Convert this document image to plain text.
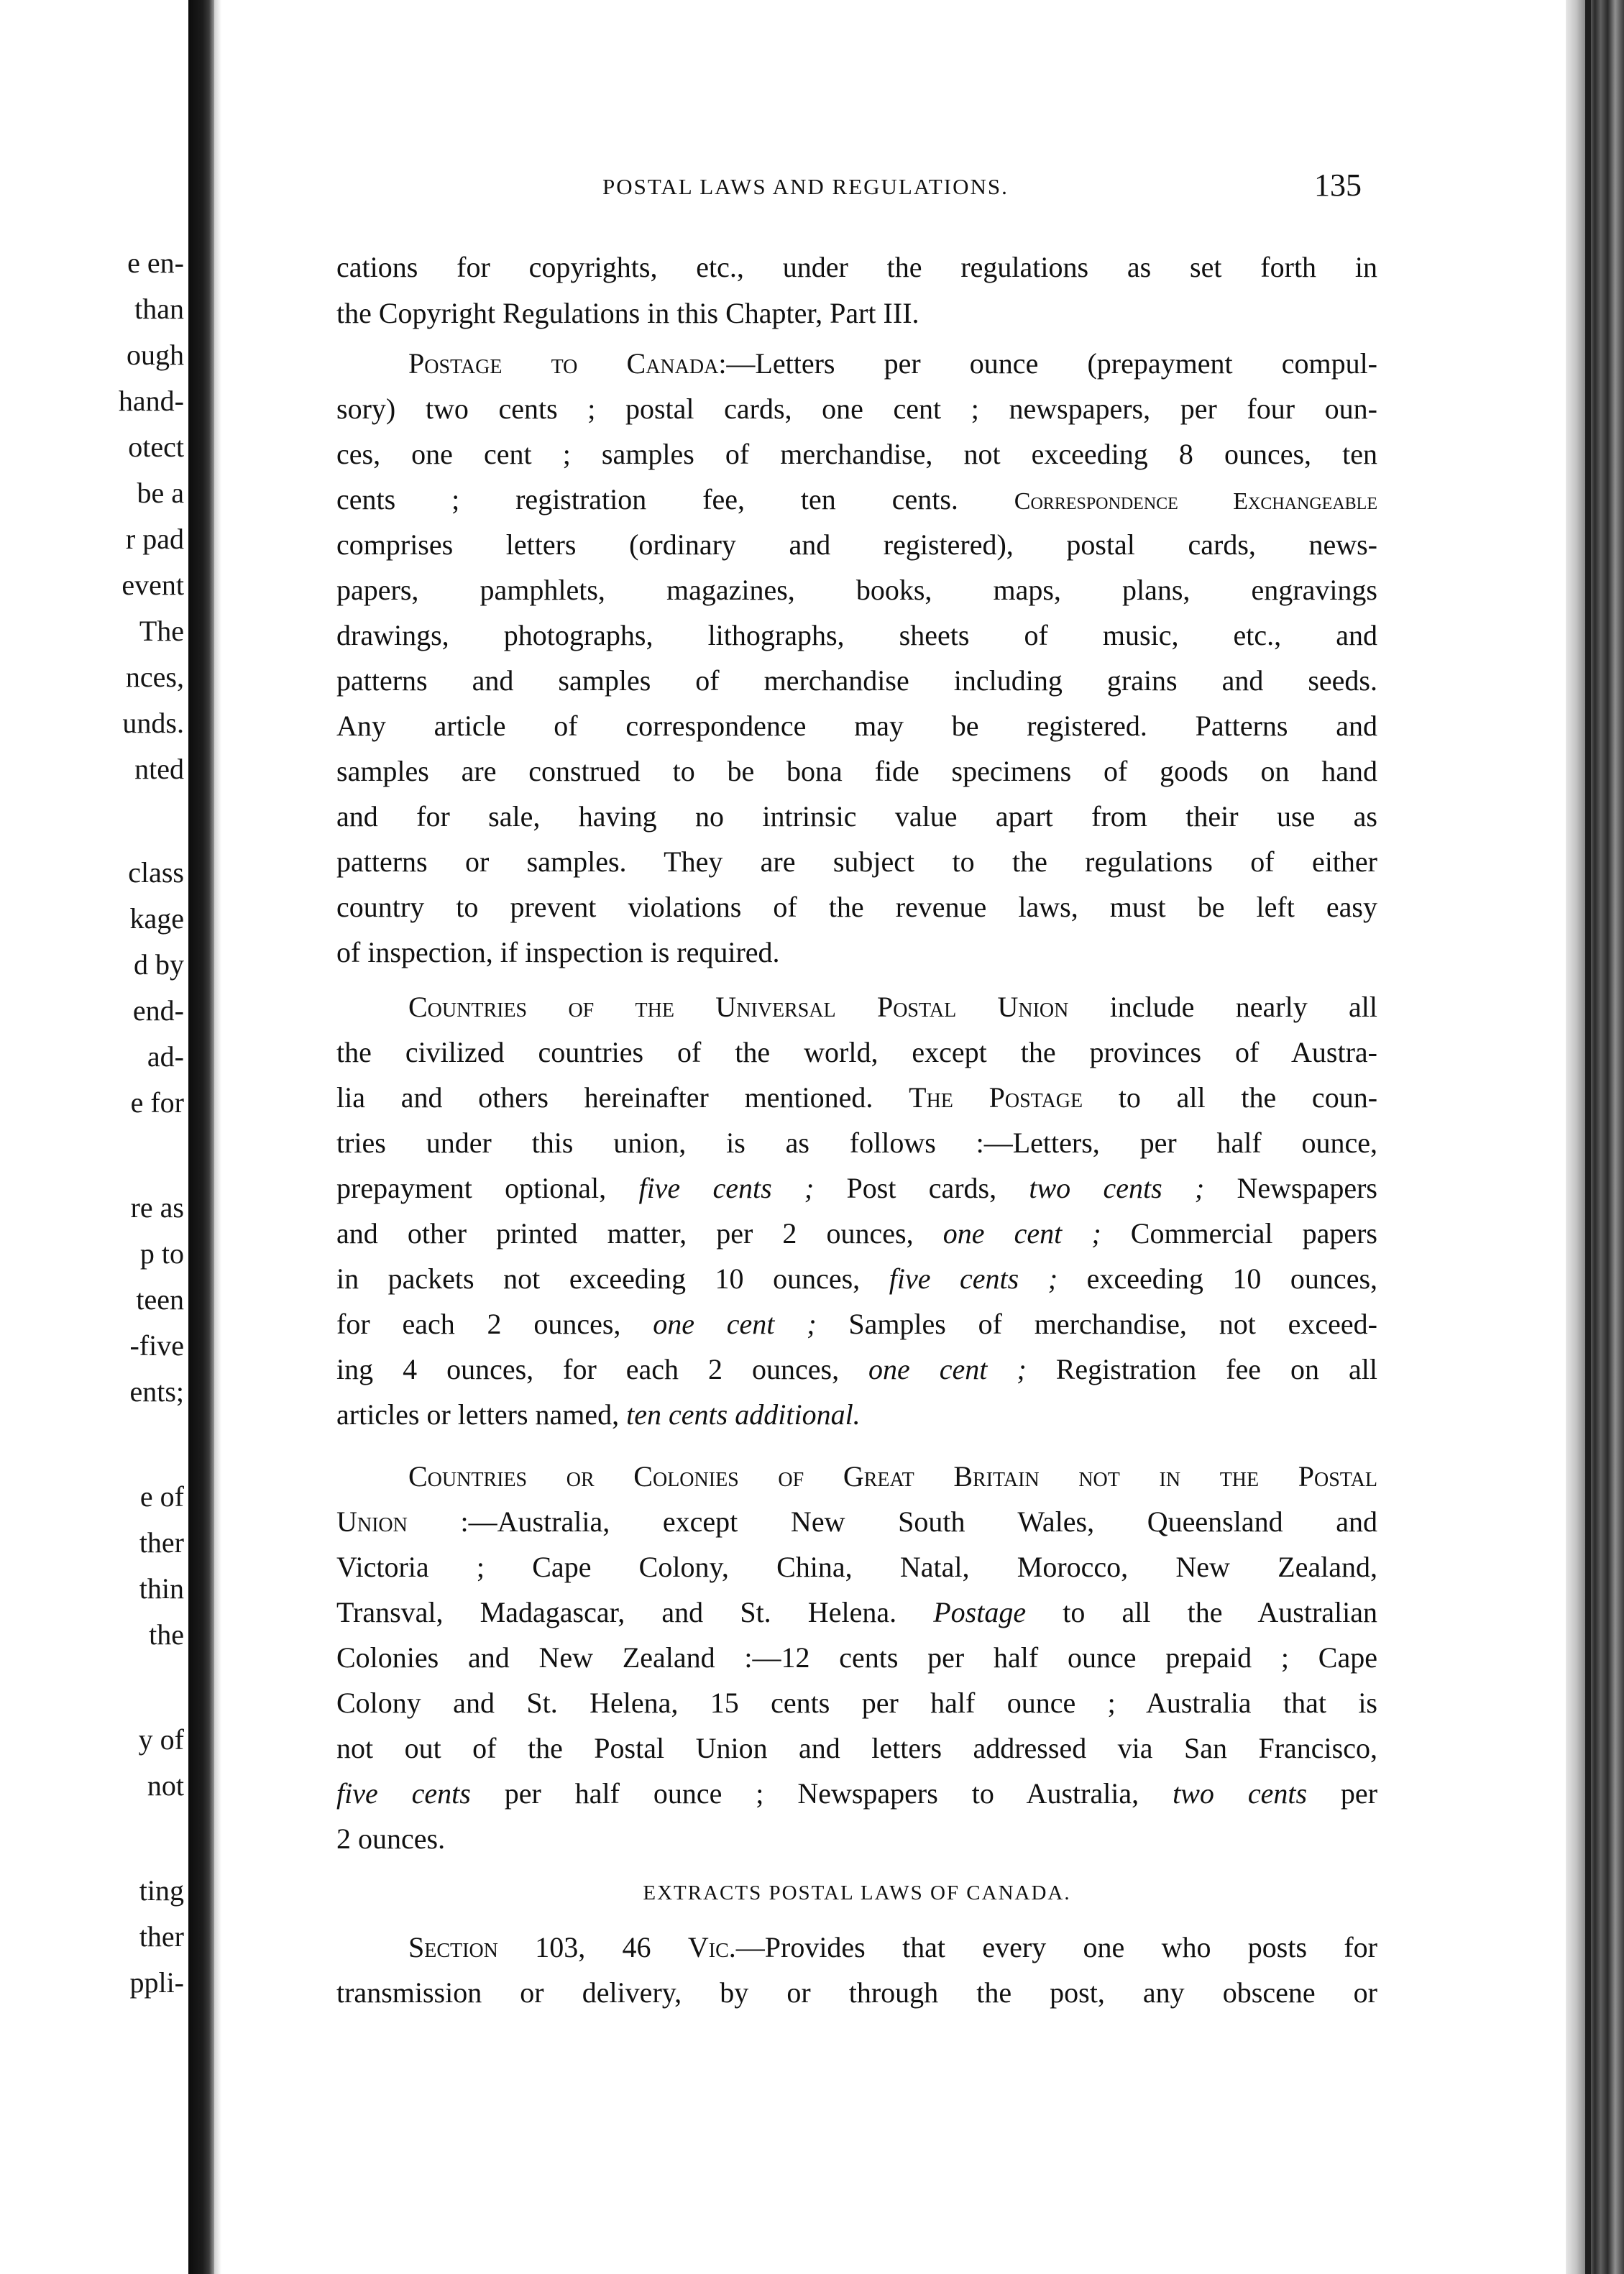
e en-
than
ough
hand-
otect
be a
r pad
event
The
nces,
unds.
nted
class
kage
d by
end-
ad-
e for
re as
p to
teen
-five
ents;
e of
ther
thin
the
y of
not
ting
ther
ppli-
POSTAL LAWS AND REGULATIONS.	135
cations for copyrights, etc., under the regulations as set forth in
the Copyright Regulations in this Chapter, Part III.
Postage to Canada:—Letters per ounce (prepayment compul-
sory) two cents ; postal cards, one cent ; newspapers, per four oun-
ces, one cent ; samples of merchandise, not exceeding 8 ounces, ten
cents ; registration fee, ten cents. Correspondence Exchangeable
comprises letters (ordinary and registered), postal cards, news-
papers, pamphlets, magazines, books, maps, plans, engravings
drawings, photographs, lithographs, sheets of music, etc., and
patterns and samples of merchandise including grains and seeds.
Any article of correspondence may be registered. Patterns and
samples are construed to be bona fide specimens of goods on hand
and for sale, having no intrinsic value apart from their use as
patterns or samples. They are subject to the regulations of either
country to prevent violations of the revenue laws, must be left easy
of inspection, if inspection is required.
Countries of the Universal Postal Union include nearly all
the civilized countries of the world, except the provinces of Austra-
lia and others hereinafter mentioned. The Postage to all the coun-
tries under this union, is as follows :—Letters, per half ounce,
prepayment optional, five cents ; Post cards, two cents ; Newspapers
and other printed matter, per 2 ounces, one cent ; Commercial papers
in packets not exceeding 10 ounces, five cents ; exceeding 10 ounces,
for each 2 ounces, one cent ; Samples of merchandise, not exceed-
ing 4 ounces, for each 2 ounces, one cent ; Registration fee on all
articles or letters named, ten cents additional.
Countries or Colonies of Great Britain not in the Postal
Union :—Australia, except New South Wales, Queensland and
Victoria ; Cape Colony, China, Natal, Morocco, New Zealand,
Transval, Madagascar, and St. Helena. Postage to all the Australian
Colonies and New Zealand :—12 cents per half ounce prepaid ; Cape
Colony and St. Helena, 15 cents per half ounce ; Australia that is
not out of the Postal Union and letters addressed via San Francisco,
five cents per half ounce ; Newspapers to Australia, two cents per
2 ounces.
EXTRACTS POSTAL LAWS OF CANADA.
Section 103, 46 Vic.—Provides that every one who posts for
transmission or delivery, by or through the post, any obscene or
